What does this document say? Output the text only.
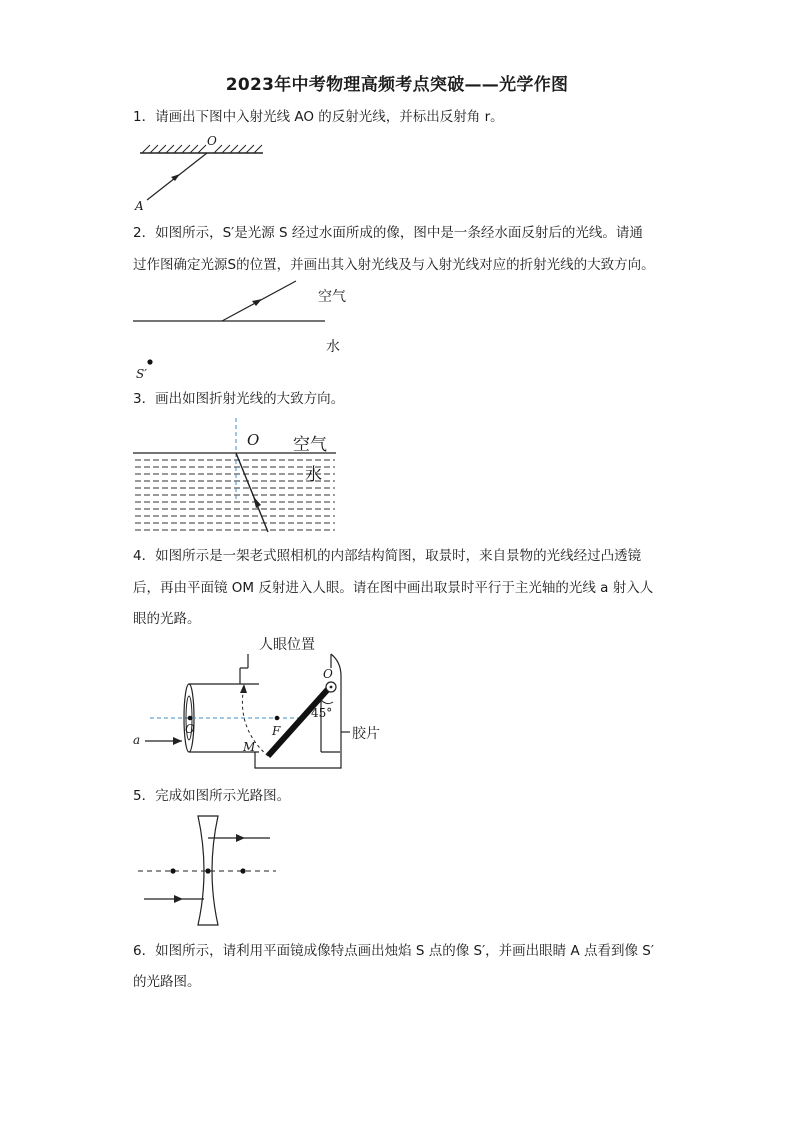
2023年中考物理高频考点突破——光学作图
1．请画出下图中入射光线 AO 的反射光线，并标出反射角 r。
O
A
2．如图所示，S′是光源 S 经过水面所成的像，图中是一条经水面反射后的光线。请通
过作图确定光源S的位置，并画出其入射光线及与入射光线对应的折射光线的大致方向。
空气
水
S′
3．画出如图折射光线的大致方向。
O 空气
水
4．如图所示是一架老式照相机的内部结构简图，取景时，来自景物的光线经过凸透镜
后，再由平面镜 OM 反射进入人眼。请在图中画出取景时平行于主光轴的光线 a 射入人
眼的光路。
人眼位置
胶片
45°
O
O	F
M
a
5．完成如图所示光路图。
6．如图所示，请利用平面镜成像特点画出烛焰 S 点的像 S′，并画出眼睛 A 点看到像 S′
的光路图。
